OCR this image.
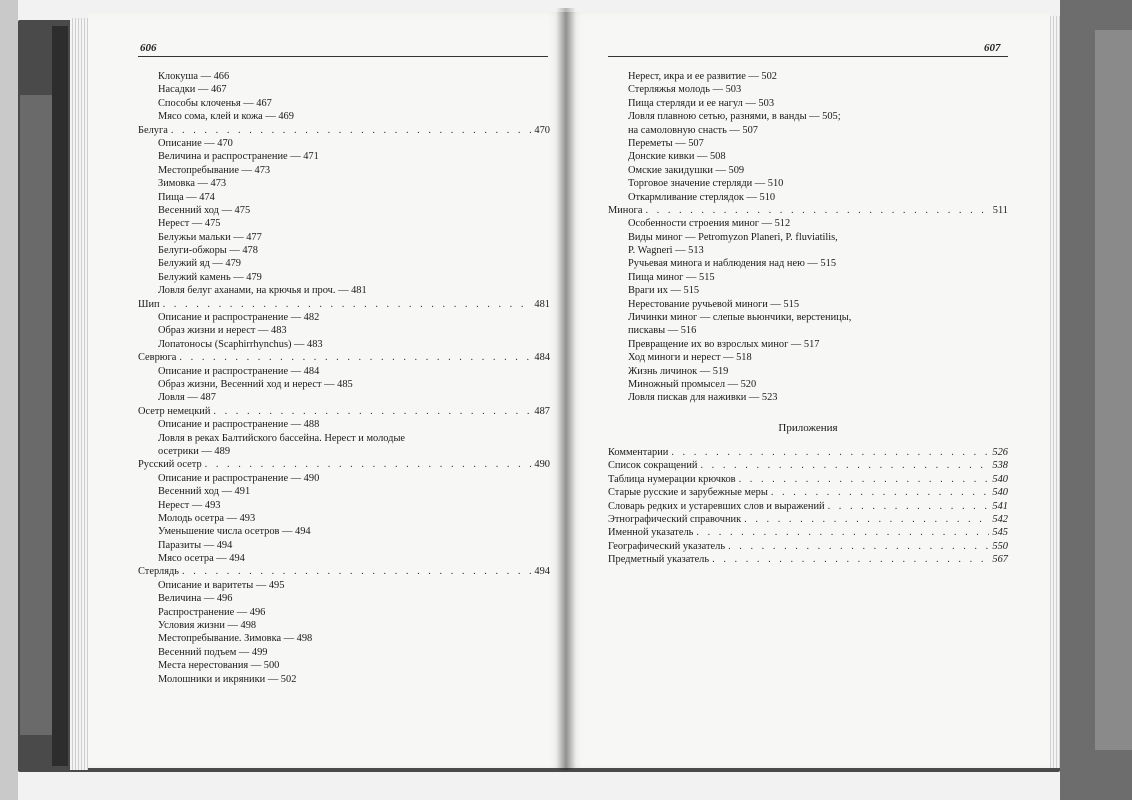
606
Клокуша — 466
Насадки — 467
Способы клоченья — 467
Мясо сома, клей и кожа — 469
Белуга . . .	470
Описание — 470
Величина и распространение — 471
Местопребывание — 473
Зимовка — 473
Пища — 474
Весенний ход — 475
Нерест — 475
Белужьи мальки — 477
Белуги-обжоры — 478
Белужий яд — 479
Белужий камень — 479
Ловля белуг аханами, на крючья и проч. — 481
Шип . . .	481
Описание и распространение — 482
Образ жизни и нерест — 483
Лопатоносы (Scaphirrhynchus) — 483
Севрюга . . .	484
Описание и распространение — 484
Образ жизни, Весенний ход и нерест — 485
Ловля — 487
Осетр немецкий . . .	487
Описание и распространение — 488
Ловля в реках Балтийского бассейна. Нерест и молодые
осетрики — 489
Русский осетр . . .	490
Описание и распространение — 490
Весенний ход — 491
Нерест — 493
Молодь осетра — 493
Уменьшение числа осетров — 494
Паразиты — 494
Мясо осетра — 494
Стерлядь . . .	494
Описание и варитеты — 495
Величина — 496
Распространение — 496
Условия жизни — 498
Местопребывание. Зимовка — 498
Весенний подъем — 499
Места нерестования — 500
Молошники и икряники — 502
607
Нерест, икра и ее развитие — 502
Стерляжья молодь — 503
Пища стерляди и ее нагул — 503
Ловля плавною сетью, разнями, в ванды — 505;
на самоловную снасть — 507
Переметы — 507
Донские кивки — 508
Омские закидушки — 509
Торговое значение стерляди — 510
Откармливание стерлядок — 510
Минога . . .	511
Особенности строения миног — 512
Виды миног — Petromyzon Planeri, P. fluviatilis,
P. Wagneri — 513
Ручьевая минога и наблюдения над нею — 515
Пища миног — 515
Враги их — 515
Нерестование ручьевой миноги — 515
Личинки миног — слепые вьюнчики, верстеницы,
пискавы — 516
Превращение их во взрослых миног — 517
Ход миноги и нерест — 518
Жизнь личинок — 519
Миножный промысел — 520
Ловля пискав для наживки — 523
Приложения
Комментарии . . .	526
Список сокращений . . .	538
Таблица нумерации крючков . . .	540
Старые русские и зарубежные меры . . .	540
Словарь редких и устаревших слов и выражений . . .	541
Этнографический справочник . . .	542
Именной указатель . . .	545
Географический указатель . . .	550
Предметный указатель . . .	567
